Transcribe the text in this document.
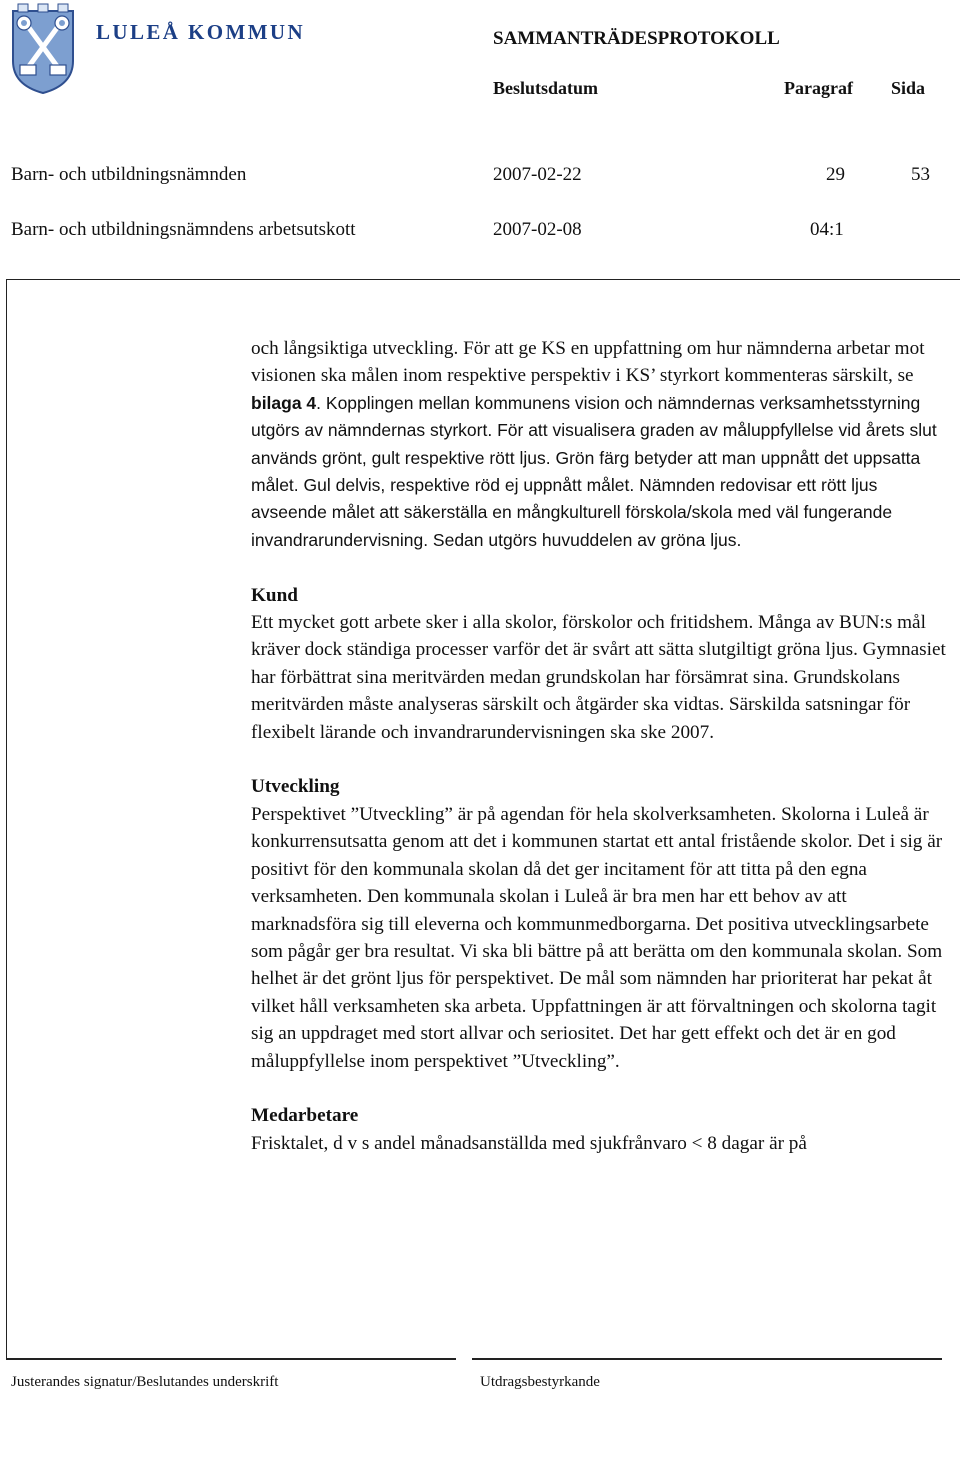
LULEÅ KOMMUN	SAMMANTRÄDESPROTOKOLL
Beslutsdatum	Paragraf Sida
Barn- och utbildningsnämnden	2007-02-22	29	53
Barn- och utbildningsnämndens arbetsutskott	2007-02-08	04:1

och långsiktiga utveckling. För att ge KS en uppfattning om hur nämnderna arbetar mot visionen ska målen inom respektive perspektiv i KS’ styrkort kommenteras särskilt, se bilaga 4. Kopplingen mellan kommunens vision och nämndernas verksamhetsstyrning utgörs av nämndernas styrkort. För att visualisera graden av måluppfyllelse vid årets slut används grönt, gult respektive rött ljus. Grön färg betyder att man uppnått det uppsatta målet. Gul delvis, respektive röd ej uppnått målet. Nämnden redovisar ett rött ljus avseende målet att säkerställa en mångkulturell förskola/skola med väl fungerande invandrarundervisning. Sedan utgörs huvuddelen av gröna ljus.

Kund

Ett mycket gott arbete sker i alla skolor, förskolor och fritidshem. Många av BUN:s mål kräver dock ständiga processer varför det är svårt att sätta slutgiltigt gröna ljus. Gymnasiet har förbättrat sina meritvärden medan grundskolan har försämrat sina. Grundskolans meritvärden måste analyseras särskilt och åtgärder ska vidtas. Särskilda satsningar för flexibelt lärande och invandrarundervisningen ska ske 2007.

Utveckling

Perspektivet ”Utveckling” är på agendan för hela skolverksamheten. Skolorna i Luleå är konkurrensutsatta genom att det i kommunen startat ett antal fristående skolor. Det i sig är positivt för den kommunala skolan då det ger incitament för att titta på den egna verksamheten. Den kommunala skolan i Luleå är bra men har ett behov av att marknadsföra sig till eleverna och kommunmedborgarna. Det positiva utvecklingsarbete som pågår ger bra resultat. Vi ska bli bättre på att berätta om den kommunala skolan. Som helhet är det grönt ljus för perspektivet. De mål som nämnden har prioriterat har pekat åt vilket håll verksamheten ska arbeta. Uppfattningen är att förvaltningen och skolorna tagit sig an uppdraget med stort allvar och seriositet. Det har gett effekt och det är en god måluppfyllelse inom perspektivet ”Utveckling”.

Medarbetare

Frisktalet, d v s andel månadsanställda med sjukfrånvaro < 8 dagar är på

Justerandes signatur/Beslutandes underskrift	Utdragsbestyrkande
